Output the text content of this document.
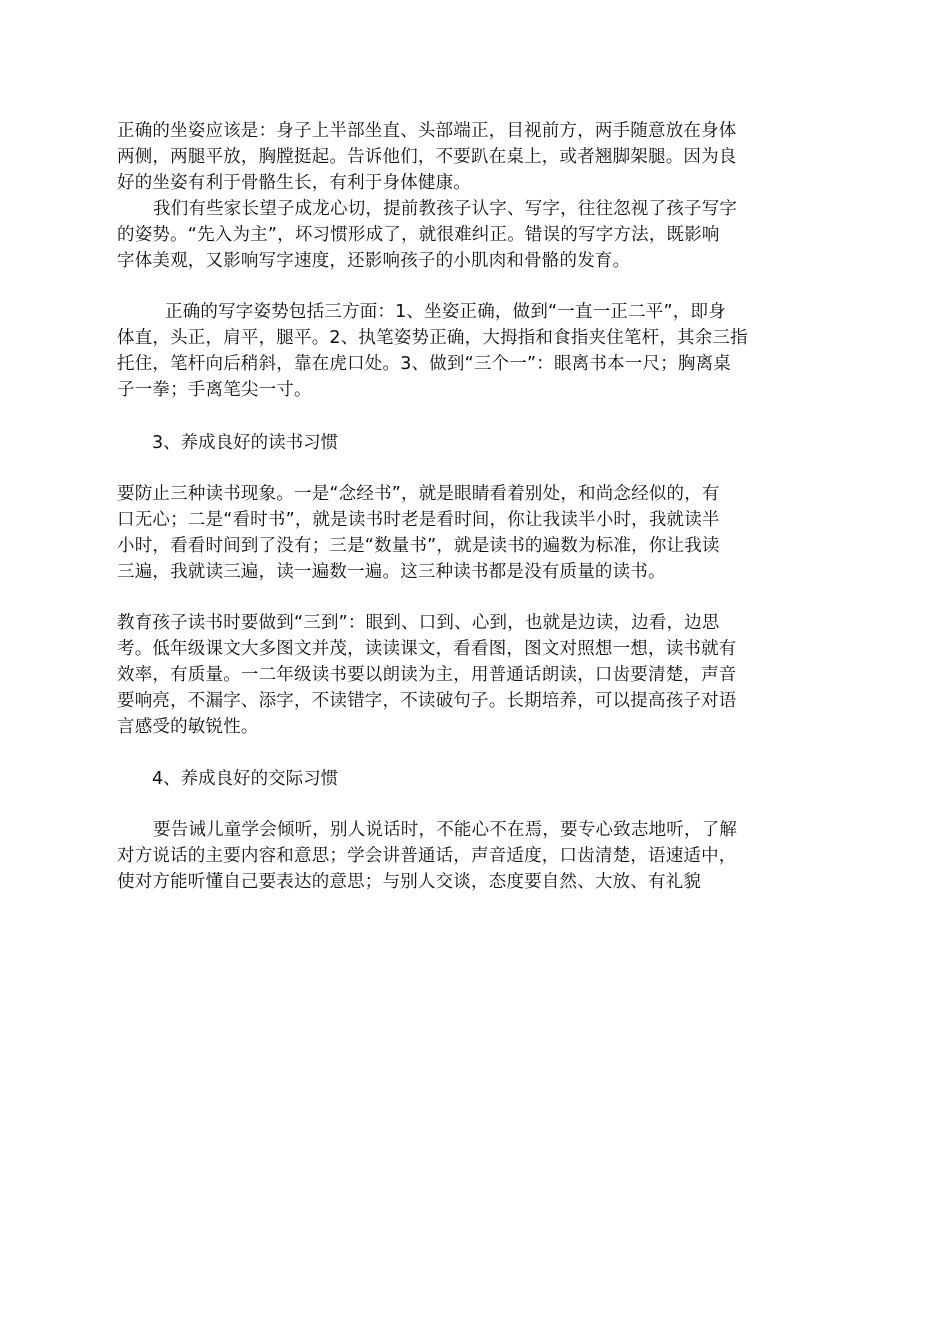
正确的坐姿应该是：身子上半部坐直、头部端正，目视前方，两手随意放在身体
两侧，两腿平放，胸膛挺起。告诉他们，不要趴在桌上，或者翘脚架腿。因为良
好的坐姿有利于骨骼生长，有利于身体健康。
我们有些家长望子成龙心切，提前教孩子认字、写字，往往忽视了孩子写字
的姿势。“先入为主”，坏习惯形成了，就很难纠正。错误的写字方法，既影响
字体美观，又影响写字速度，还影响孩子的小肌肉和骨骼的发育。
正确的写字姿势包括三方面：1、坐姿正确，做到“一直一正二平”，即身
体直，头正，肩平，腿平。2、执笔姿势正确，大拇指和食指夹住笔杆，其余三指
托住，笔杆向后稍斜，靠在虎口处。3、做到“三个一”：眼离书本一尺；胸离桌
子一拳；手离笔尖一寸。
3、养成良好的读书习惯
要防止三种读书现象。一是“念经书”，就是眼睛看着别处，和尚念经似的，有
口无心；二是“看时书”，就是读书时老是看时间，你让我读半小时，我就读半
小时，看看时间到了没有；三是“数量书”，就是读书的遍数为标准，你让我读
三遍，我就读三遍，读一遍数一遍。这三种读书都是没有质量的读书。
教育孩子读书时要做到“三到”：眼到、口到、心到，也就是边读，边看，边思
考。低年级课文大多图文并茂，读读课文，看看图，图文对照想一想，读书就有
效率，有质量。一二年级读书要以朗读为主，用普通话朗读，口齿要清楚，声音
要响亮，不漏字、添字，不读错字，不读破句子。长期培养，可以提高孩子对语
言感受的敏锐性。
4、养成良好的交际习惯
要告诫儿童学会倾听，别人说话时，不能心不在焉，要专心致志地听，了解
对方说话的主要内容和意思；学会讲普通话，声音适度，口齿清楚，语速适中，
使对方能听懂自己要表达的意思；与别人交谈，态度要自然、大放、有礼貌
